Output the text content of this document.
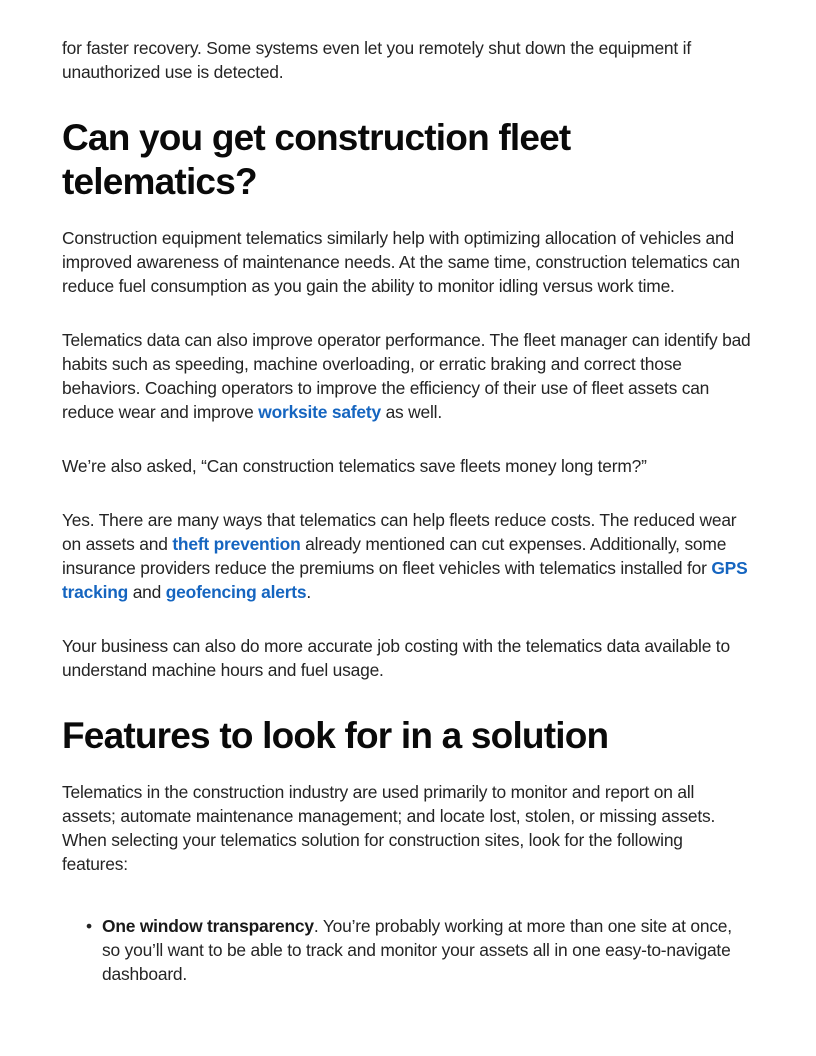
for faster recovery. Some systems even let you remotely shut down the equipment if unauthorized use is detected.

Can you get construction fleet telematics?

Construction equipment telematics similarly help with optimizing allocation of vehicles and improved awareness of maintenance needs. At the same time, construction telematics can reduce fuel consumption as you gain the ability to monitor idling versus work time.

Telematics data can also improve operator performance. The fleet manager can identify bad habits such as speeding, machine overloading, or erratic braking and correct those behaviors. Coaching operators to improve the efficiency of their use of fleet assets can reduce wear and improve worksite safety as well.

We’re also asked, “Can construction telematics save fleets money long term?”

Yes. There are many ways that telematics can help fleets reduce costs. The reduced wear on assets and theft prevention already mentioned can cut expenses. Additionally, some insurance providers reduce the premiums on fleet vehicles with telematics installed for GPS tracking and geofencing alerts.

Your business can also do more accurate job costing with the telematics data available to understand machine hours and fuel usage.

Features to look for in a solution

Telematics in the construction industry are used primarily to monitor and report on all assets; automate maintenance management; and locate lost, stolen, or missing assets. When selecting your telematics solution for construction sites, look for the following features:

• One window transparency. You’re probably working at more than one site at once, so you’ll want to be able to track and monitor your assets all in one easy-to-navigate dashboard.
